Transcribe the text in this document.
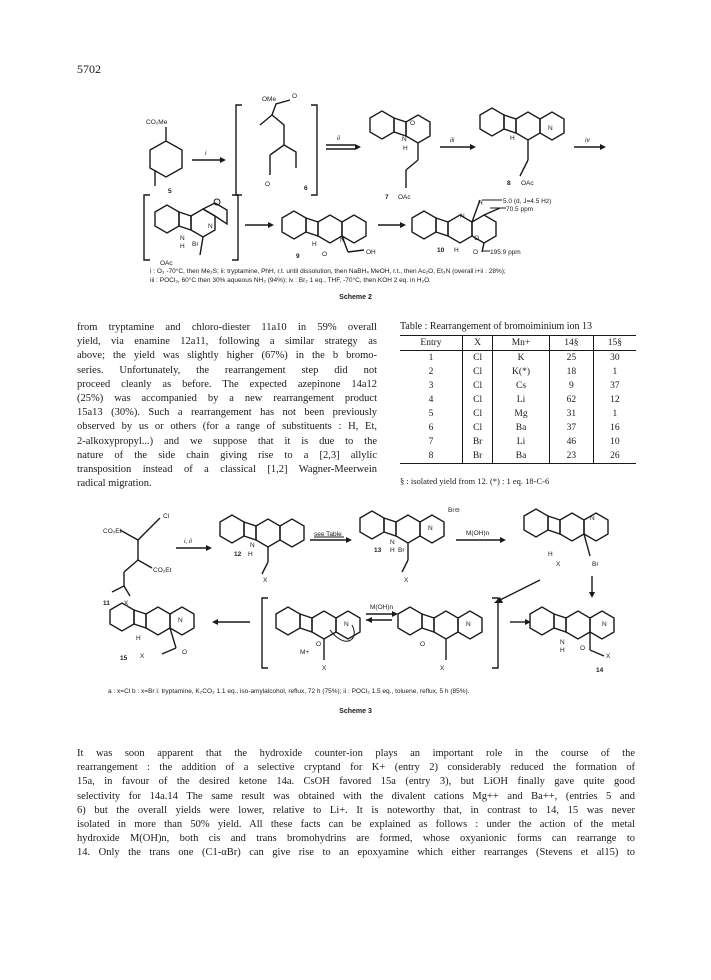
5702
CO₂Me
5
i
OMe O
O
6
ii	N
H
O
7 OAc
iii
N
H
8 OAc
iv
N
N
H Br
OAc
N
H
O	OH
9
N
H
O
H O
10
5.0 (d, J=4.5 Hz)
70.5 ppm
195.9 ppm
i : O₃ -70°C, then Me₂S; ii: tryptamine, PhH, r.t. until dissolution, then NaBH₄ MeOH, r.t., then Ac₂O, Et₃N (overall i+ii : 28%);
iii : POCl₃, 60°C then 30% aqueous NH₃ (94%); iv : Br₂ 1 eq., THF, -70°C, then KOH 2 eq. in H₂O.
Scheme 2
from tryptamine and chloro-diester 11a10 in 59% overall
yield, via enamine 12a11, following a similar strategy as
above; the yield was slightly higher (67%) in the b bromo-
series. Unfortunately, the rearrangement step did not
proceed cleanly as before. The expected azepinone 14a12
(25%) was accompanied by a new rearrangement product
15a13 (30%). Such a rearrangement has not been previously
observed by us or others (for a range of substituents : H, Et,
2-alkoxypropyl...) and we suppose that it is due to the
nature of the side chain giving rise to a [2,3] allylic
transposition instead of a classical [1,2] Wagner-Meerwein
radical migration.
Table : Rearrangement of bromoiminium ion 13
Entry	X	Mn+	14§	15§
1	Cl	K	25	30
2	Cl	K(*)	18	1
3	Cl	Cs	9	37
4	Cl	Li	62	12
5	Cl	Mg	31	1
6	Cl	Ba	37	16
7	Br	Li	46	10
8	Br	Ba	23	26
§ : isolated yield from 12. (*) : 1 eq. 18-C-6
Cl
CO₂Et
CO₂Et
11 X
i, ii
N
H
12
X
see Table
N
N
H Br
13
X
Br⊖
M(OH)n
N
Br
H
X
N
N
H O
X
14
N
M+
O
X
N
O
X
M(OH)n
N
H
O
X
15
a : x=Cl b : x=Br i: tryptamine, K₂CO₃ 1.1 eq., iso-amylalcohol, reflux, 72 h (75%); ii : POCl₃ 1.5 eq., toluene, reflux, 5 h (85%).
Scheme 3
It was soon apparent that the hydroxide counter-ion plays an important role in the course of the
rearrangement : the addition of a selective cryptand for K+ (entry 2) considerably reduced the formation of
15a, in favour of the desired ketone 14a. CsOH favored 15a (entry 3), but LiOH finally gave quite good
selectivity for 14a.14 The same result was obtained with the divalent cations Mg++ and Ba++, (entries 5 and
6) but the overall yields were lower, relative to Li+. It is noteworthy that, in contrast to 14, 15 was never
isolated in more than 50% yield. All these facts can be explained as follows : under the action of the metal
hydroxide M(OH)n, both cis and trans bromohydrins are formed, whose oxyanionic forms can rearrange to
14. Only the trans one (C1-αBr) can give rise to an epoxyamine which either rearranges (Stevens et al15) to
